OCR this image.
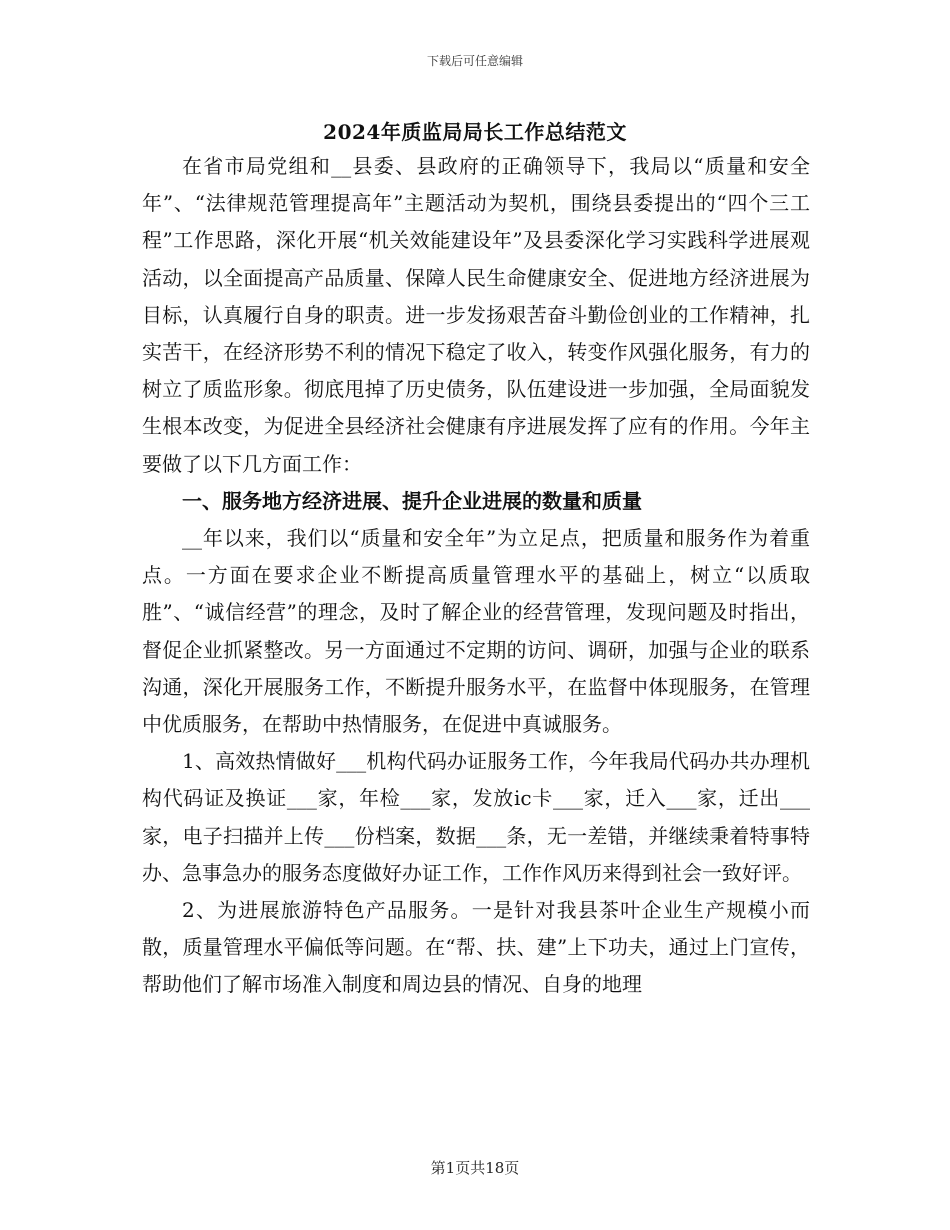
下载后可任意编辑
2024年质监局局长工作总结范文

在省市局党组和__县委、县政府的正确领导下，我局以“质量和安全年”、“法律规范管理提高年”主题活动为契机，围绕县委提出的“四个三工程”工作思路，深化开展“机关效能建设年”及县委深化学习实践科学进展观活动，以全面提高产品质量、保障人民生命健康安全、促进地方经济进展为目标，认真履行自身的职责。进一步发扬艰苦奋斗勤俭创业的工作精神，扎实苦干，在经济形势不利的情况下稳定了收入，转变作风强化服务，有力的树立了质监形象。彻底甩掉了历史债务，队伍建设进一步加强，全局面貌发生根本改变，为促进全县经济社会健康有序进展发挥了应有的作用。今年主要做了以下几方面工作：

一、服务地方经济进展、提升企业进展的数量和质量

__年以来，我们以“质量和安全年”为立足点，把质量和服务作为着重点。一方面在要求企业不断提高质量管理水平的基础上，树立“以质取胜”、“诚信经营”的理念，及时了解企业的经营管理，发现问题及时指出，督促企业抓紧整改。另一方面通过不定期的访问、调研，加强与企业的联系沟通，深化开展服务工作，不断提升服务水平，在监督中体现服务，在管理中优质服务，在帮助中热情服务，在促进中真诚服务。

1、高效热情做好___机构代码办证服务工作，今年我局代码办共办理机构代码证及换证___家，年检___家，发放ic卡___家，迁入___家，迁出___家，电子扫描并上传___份档案，数据___条，无一差错，并继续秉着特事特办、急事急办的服务态度做好办证工作，工作作风历来得到社会一致好评。

2、为进展旅游特色产品服务。一是针对我县茶叶企业生产规模小而散，质量管理水平偏低等问题。在“帮、扶、建”上下功夫，通过上门宣传，帮助他们了解市场准入制度和周边县的情况、自身的地理

第1页共18页
